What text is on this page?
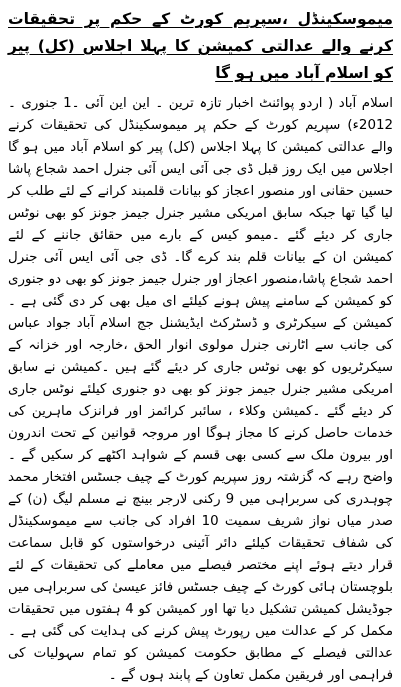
میموسکینڈل ،سپریم کورٹ کے حکم پر تحقیقات کرنے والے عدالتی کمیشن کا پہلا اجلاس (کل) پیر کو اسلام آباد میں ہو گا

اسلام آباد ( اردو پوائنٹ اخبار تازہ ترین ۔ این این آئی ۔1 جنوری ۔2012ء) سپریم کورٹ کے حکم پر میموسکینڈل کی تحقیقات کرنے والے عدالتی کمیشن کا پہلا اجلاس (کل) پیر کو اسلام آباد میں ہو گا اجلاس میں ایک روز قبل ڈی جی آئی ایس آئی جنرل احمد شجاع پاشا حسین حقانی اور منصور اعجاز کو بیانات قلمبند کرانے کے لئے طلب کر لیا گیا تھا جبکہ سابق امریکی مشیر جنرل جیمز جونز کو بھی نوٹس جاری کر دیئے گئے ۔میمو کیس کے بارے میں حقائق جاننے کے لئے کمیشن ان کے بیانات قلم بند کرے گا۔ ڈی جی آئی ایس آئی جنرل احمد شجاع پاشا،منصور اعجاز اور جنرل جیمز جونز کو بھی دو جنوری کو کمیشن کے سامنے پیش ہونے کیلئے ای میل بھی کر دی گئی ہے ۔ کمیشن کے سیکرٹری و ڈسٹرکٹ ایڈیشنل جج اسلام آباد جواد عباس کی جانب سے اٹارنی جنرل مولوی انوار الحق ،خارجہ اور خزانہ کے سیکرٹریوں کو بھی نوٹس جاری کر دیئے گئے ہیں ۔کمیشن نے سابق امریکی مشیر جنرل جیمز جونز کو بھی دو جنوری کیلئے نوٹس جاری کر دیئے گئے ۔کمیشن وکلاء ، سائبر کرائمز اور فرانزک ماہرین کی خدمات حاصل کرنے کا مجاز ہوگا اور مروجہ قوانین کے تحت اندرون اور بیرون ملک سے کسی بھی قسم کے شواہد اکٹھے کر سکیں گے ۔ واضح رہے کہ گزشتہ روز سپریم کورٹ کے چیف جسٹس افتخار محمد چوہدری کی سربراہی میں 9 رکنی لارجر بینچ نے مسلم لیگ (ن) کے صدر میاں نواز شریف سمیت 10 افراد کی جانب سے میموسکینڈل کی شفاف تحقیقات کیلئے دائر آئینی درخواستوں کو قابل سماعت قرار دیتے ہوئے اپنے مختصر فیصلے میں معاملے کی تحقیقات کے لئے بلوچستان ہائی کورٹ کے چیف جسٹس فائز عیسیٰ کی سربراہی میں جوڈیشل کمیشن تشکیل دیا تھا اور کمیشن کو 4 ہفتوں میں تحقیقات مکمل کر کے عدالت میں رپورٹ پیش کرنے کی ہدایت کی گئی ہے ۔ عدالتی فیصلے کے مطابق حکومت کمیشن کو تمام سہولیات کی فراہمی اور فریقین مکمل تعاون کے پابند ہوں گے ۔
